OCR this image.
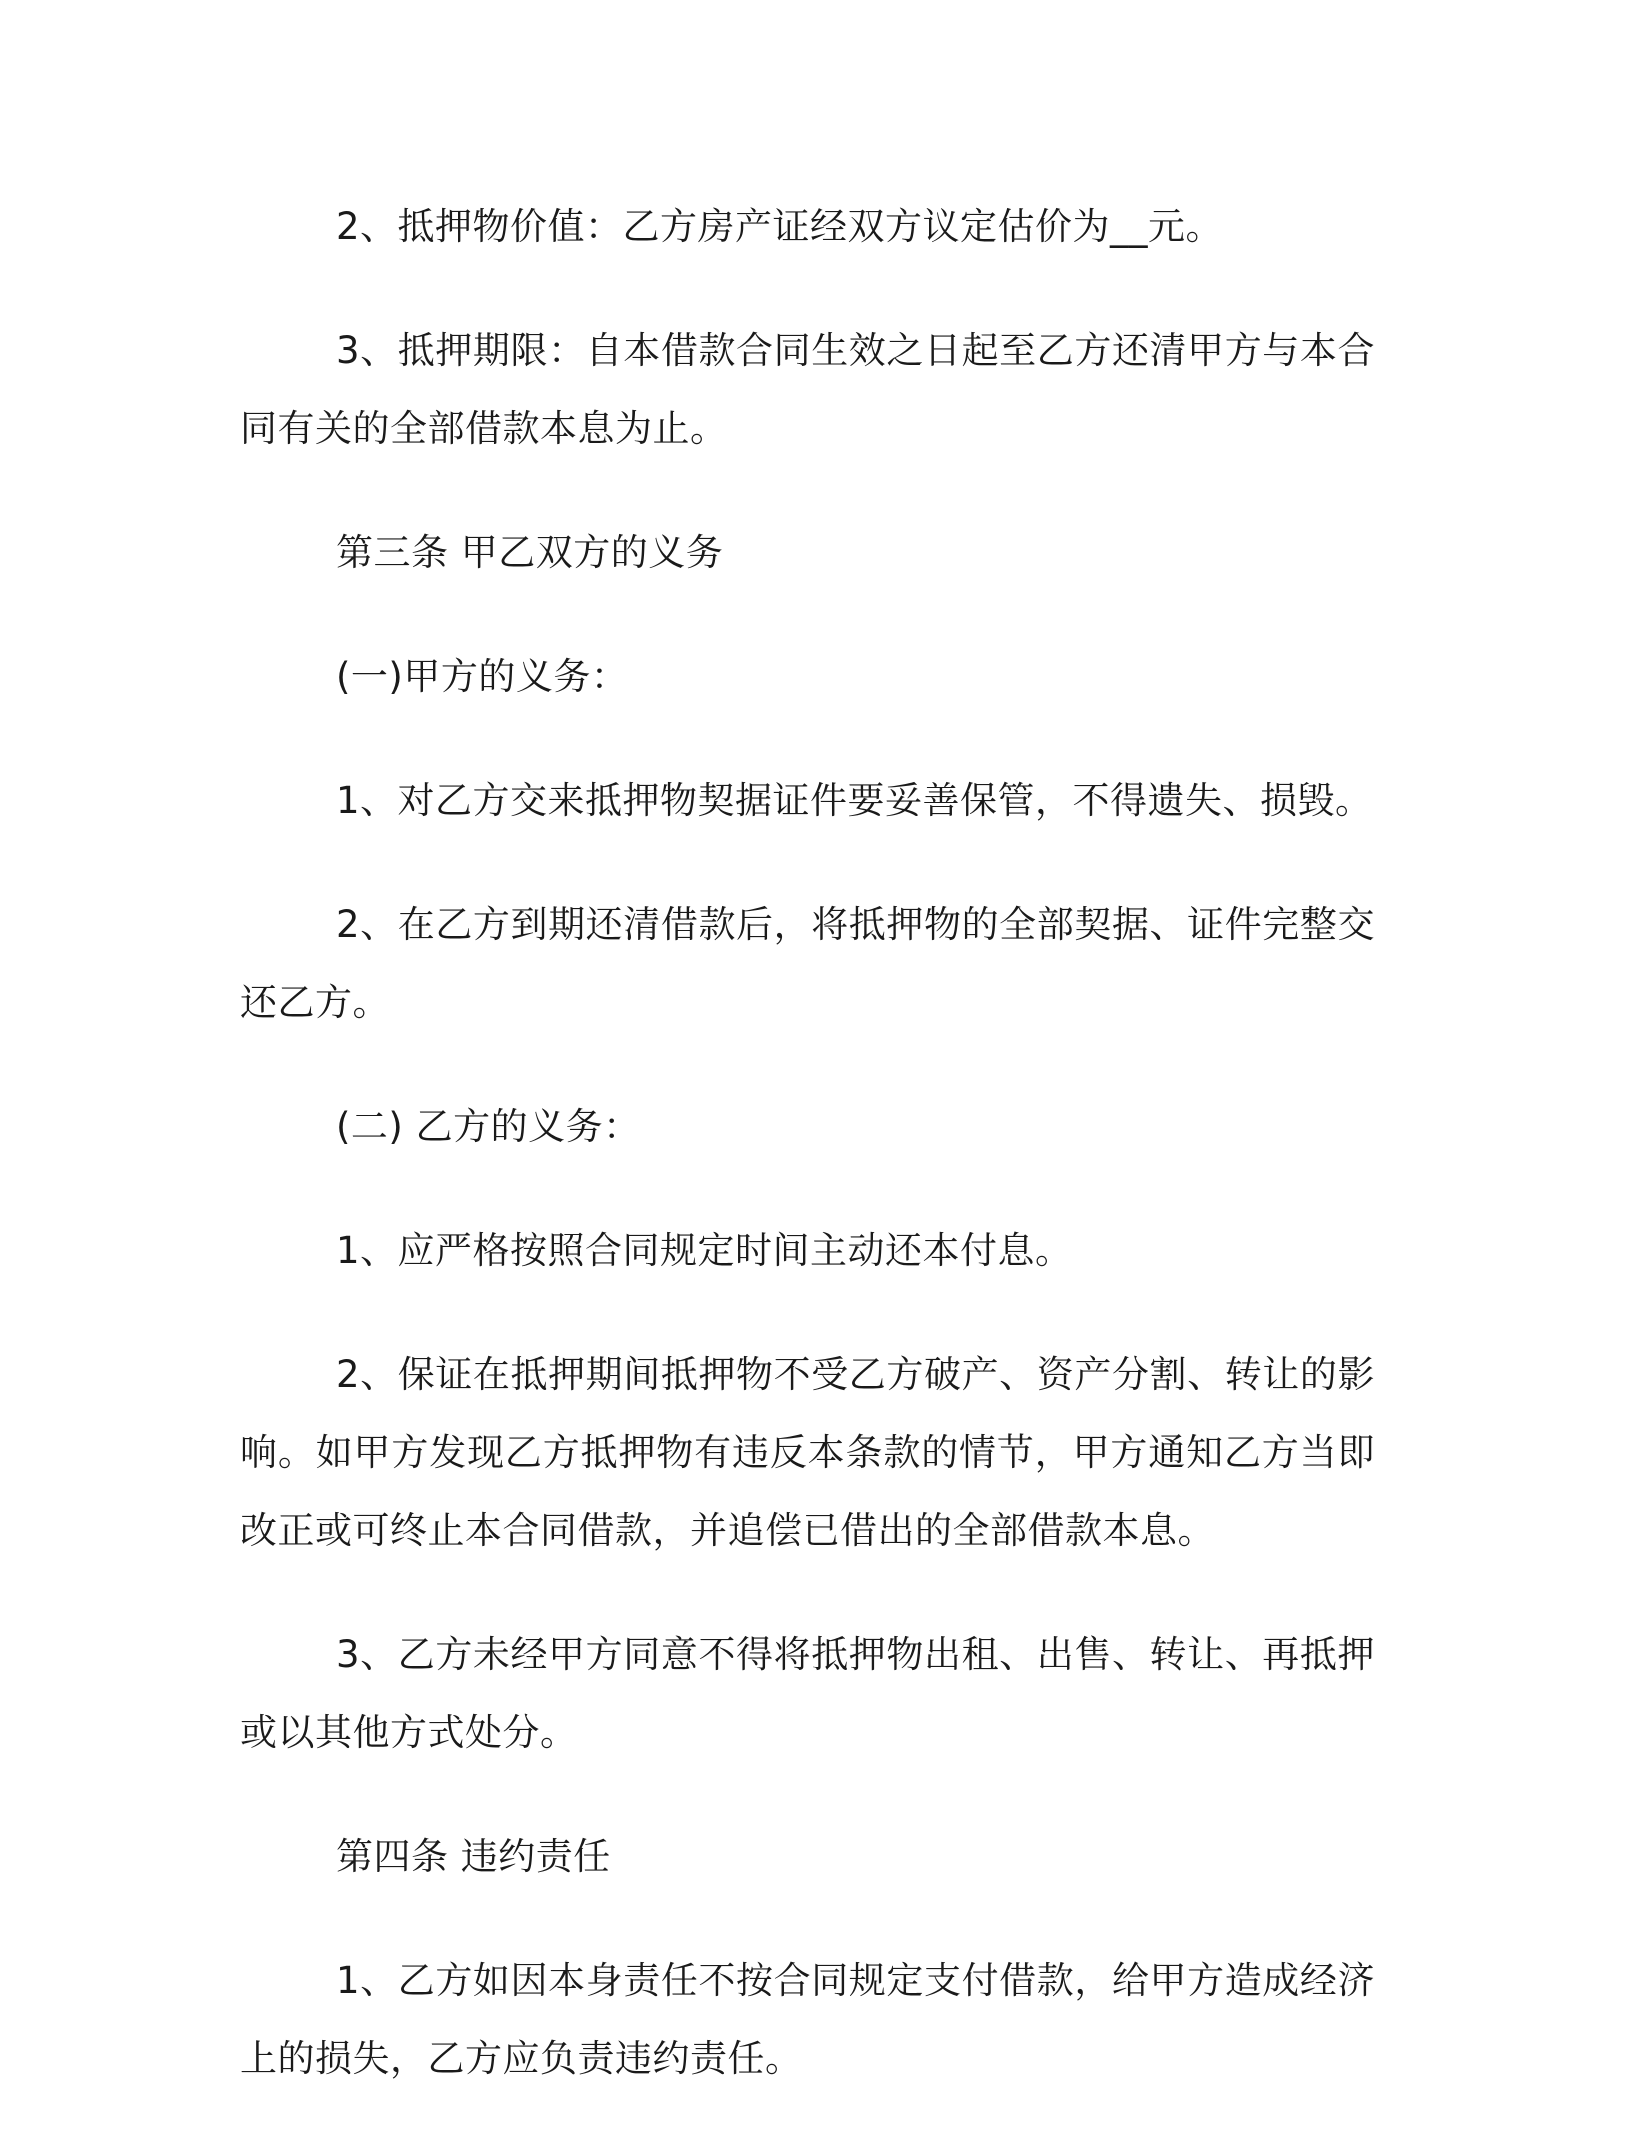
2、抵押物价值：乙方房产证经双方议定估价为__元。

3、抵押期限：自本借款合同生效之日起至乙方还清甲方与本合同有关的全部借款本息为止。

第三条 甲乙双方的义务

(一)甲方的义务：

1、对乙方交来抵押物契据证件要妥善保管，不得遗失、损毁。

2、在乙方到期还清借款后，将抵押物的全部契据、证件完整交还乙方。

(二) 乙方的义务：

1、应严格按照合同规定时间主动还本付息。

2、保证在抵押期间抵押物不受乙方破产、资产分割、转让的影响。如甲方发现乙方抵押物有违反本条款的情节，甲方通知乙方当即改正或可终止本合同借款，并追偿已借出的全部借款本息。

3、乙方未经甲方同意不得将抵押物出租、出售、转让、再抵押或以其他方式处分。

第四条 违约责任

1、乙方如因本身责任不按合同规定支付借款，给甲方造成经济上的损失，乙方应负责违约责任。
